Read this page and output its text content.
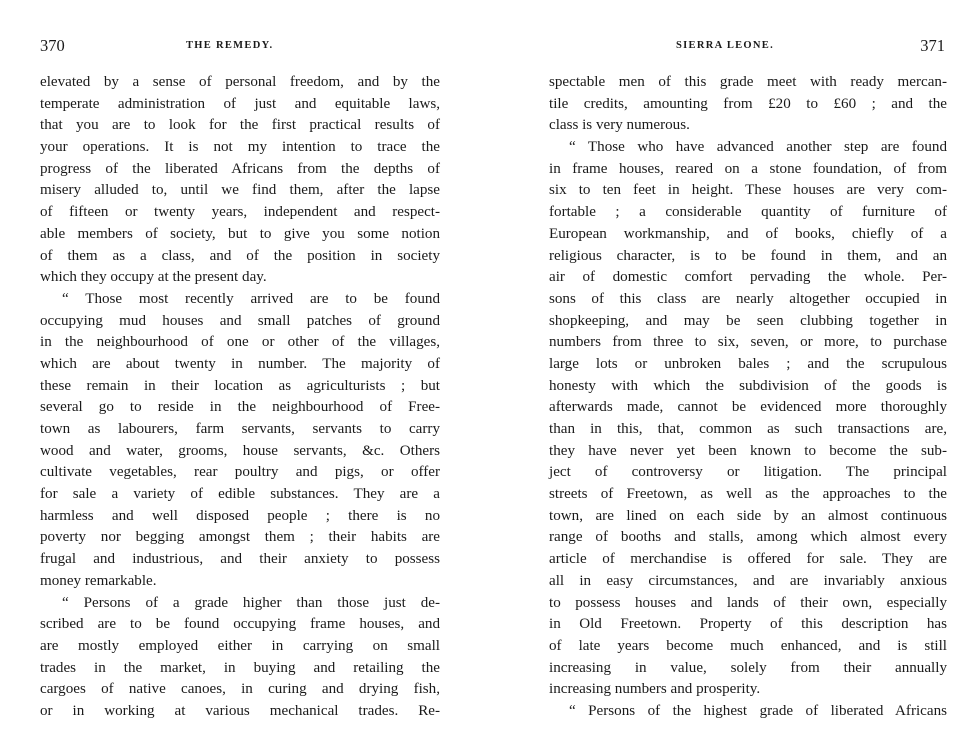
370	THE REMEDY.
elevated by a sense of personal freedom, and by the
temperate administration of just and equitable laws,
that you are to look for the first practical results of
your operations. It is not my intention to trace the
progress of the liberated Africans from the depths of
misery alluded to, until we find them, after the lapse
of fifteen or twenty years, independent and respect-
able members of society, but to give you some notion
of them as a class, and of the position in society
which they occupy at the present day.
“ Those most recently arrived are to be found
occupying mud houses and small patches of ground
in the neighbourhood of one or other of the villages,
which are about twenty in number. The majority of
these remain in their location as agriculturists ; but
several go to reside in the neighbourhood of Free-
town as labourers, farm servants, servants to carry
wood and water, grooms, house servants, &c. Others
cultivate vegetables, rear poultry and pigs, or offer
for sale a variety of edible substances. They are a
harmless and well disposed people ; there is no
poverty nor begging amongst them ; their habits are
frugal and industrious, and their anxiety to possess
money remarkable.
“ Persons of a grade higher than those just de-
scribed are to be found occupying frame houses, and
are mostly employed either in carrying on small
trades in the market, in buying and retailing the
cargoes of native canoes, in curing and drying fish,
or in working at various mechanical trades. Re-
SIERRA LEONE.	371
spectable men of this grade meet with ready mercan-
tile credits, amounting from £20 to £60 ; and the
class is very numerous.
“ Those who have advanced another step are found
in frame houses, reared on a stone foundation, of from
six to ten feet in height. These houses are very com-
fortable ; a considerable quantity of furniture of
European workmanship, and of books, chiefly of a
religious character, is to be found in them, and an
air of domestic comfort pervading the whole. Per-
sons of this class are nearly altogether occupied in
shopkeeping, and may be seen clubbing together in
numbers from three to six, seven, or more, to purchase
large lots or unbroken bales ; and the scrupulous
honesty with which the subdivision of the goods is
afterwards made, cannot be evidenced more thoroughly
than in this, that, common as such transactions are,
they have never yet been known to become the sub-
ject of controversy or litigation. The principal
streets of Freetown, as well as the approaches to the
town, are lined on each side by an almost continuous
range of booths and stalls, among which almost every
article of merchandise is offered for sale. They are
all in easy circumstances, and are invariably anxious
to possess houses and lands of their own, especially
in Old Freetown. Property of this description has
of late years become much enhanced, and is still
increasing in value, solely from their annually
increasing numbers and prosperity.
“ Persons of the highest grade of liberated Africans
